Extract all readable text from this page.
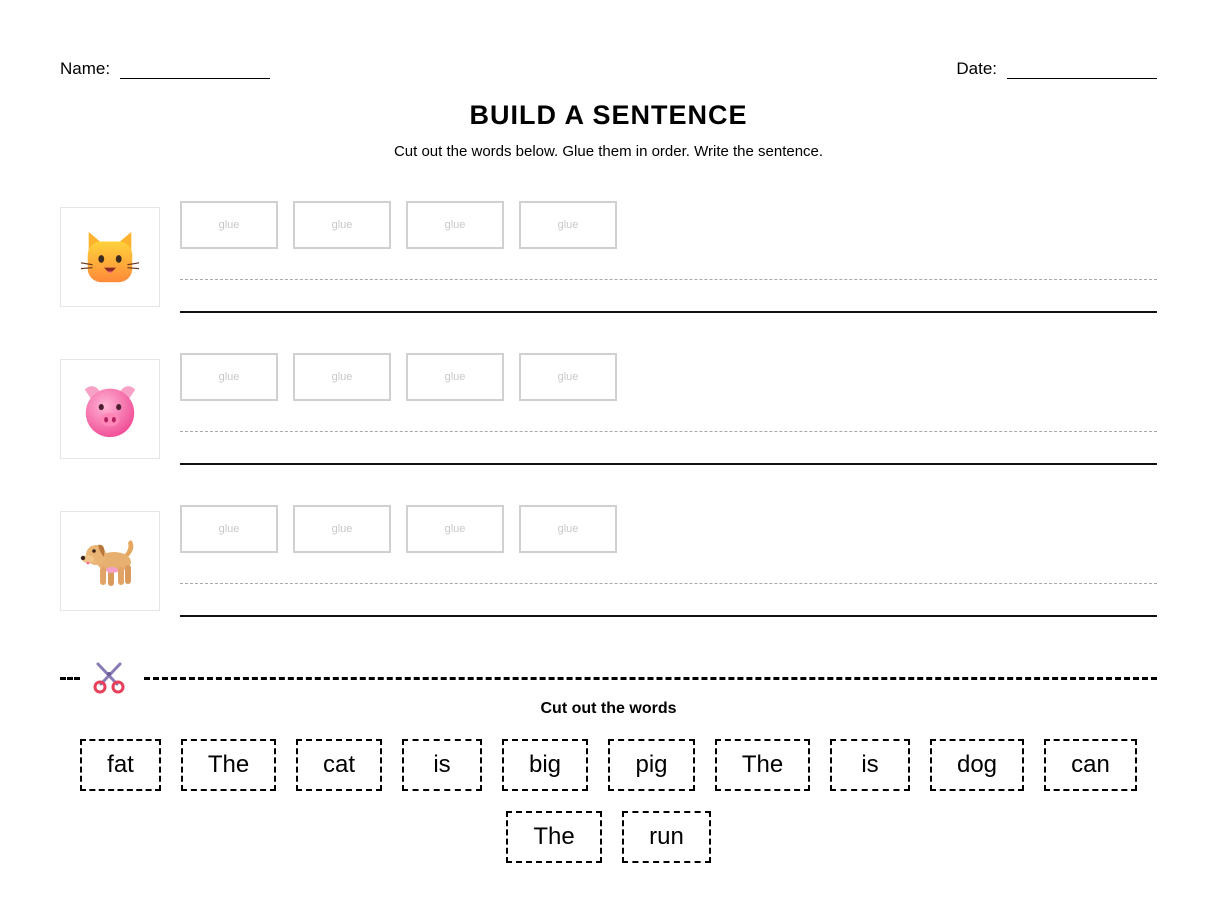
Name:	Date:
BUILD A SENTENCE
Cut out the words below. Glue them in order. Write the sentence.
glue	glue	glue	glue
glue	glue	glue	glue
glue	glue	glue	glue
Cut out the words
fat	The	cat	is	big	pig	The	is	dog	can
The	run
